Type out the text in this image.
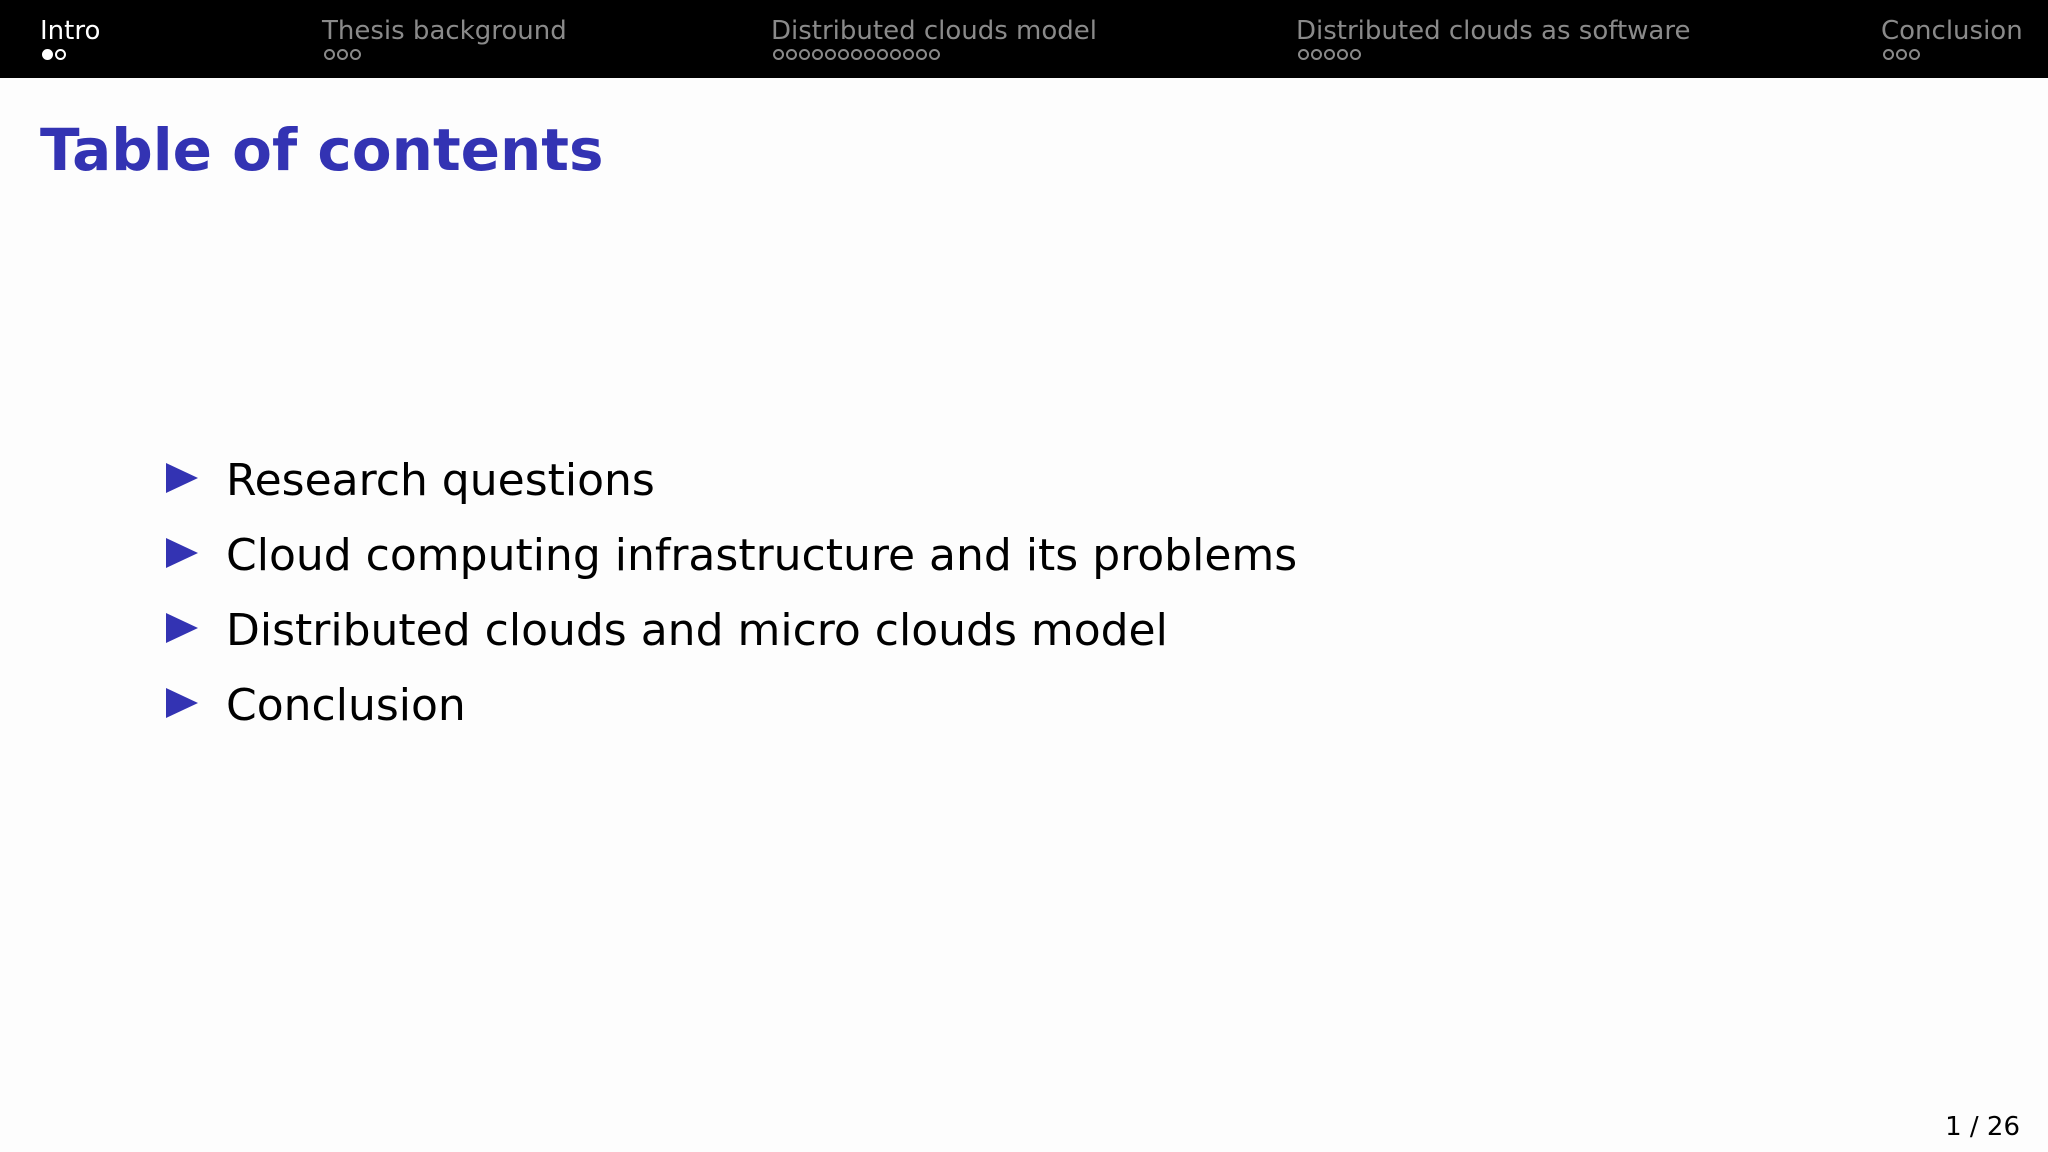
Intro	Thesis background	Distributed clouds model	Distributed clouds as software	Conclusion
Table of contents
Research questions
Cloud computing infrastructure and its problems
Distributed clouds and micro clouds model
Conclusion
1 / 26
